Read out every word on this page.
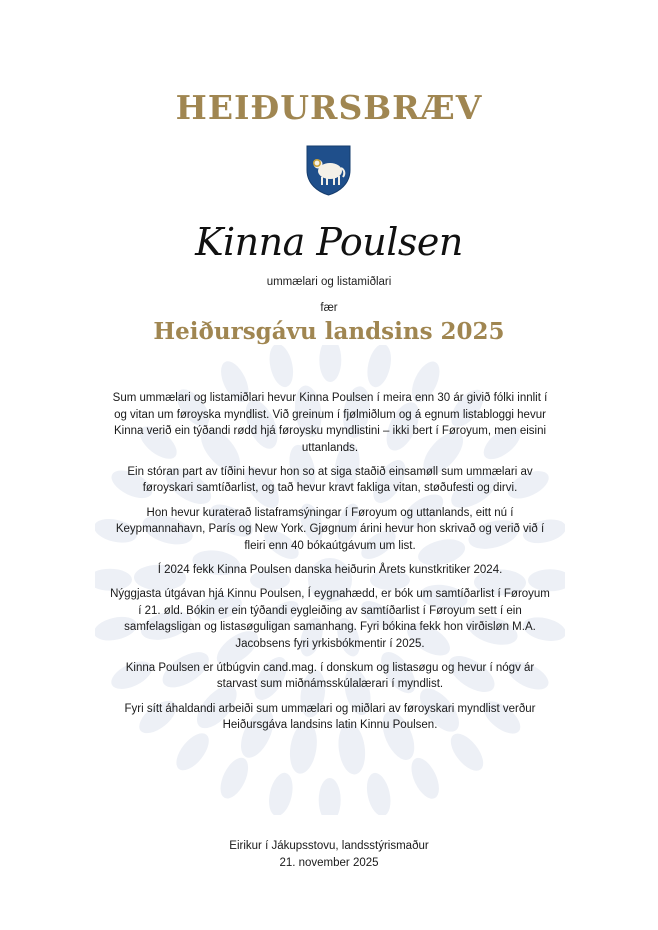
HEIÐURSBRÆV
Kinna Poulsen
ummælari og listamiðlari
fær
Heiðursgávu landsins 2025

Sum ummælari og listamiðlari hevur Kinna Poulsen í meira enn 30 ár givið fólki innlit í og vitan um føroyska myndlist. Við greinum í fjølmiðlum og á egnum listabloggi hevur Kinna verið ein týðandi rødd hjá føroysku myndlistini – ikki bert í Føroyum, men eisini uttanlands.

Ein stóran part av tíðini hevur hon so at siga staðið einsamøll sum ummælari av føroyskari samtíðarlist, og tað hevur kravt fakliga vitan, støðufesti og dirvi.

Hon hevur kuraterað listaframsýningar í Føroyum og uttanlands, eitt nú í Keypmannahavn, París og New York. Gjøgnum árini hevur hon skrivað og verið við í fleiri enn 40 bókaútgávum um list.

Í 2024 fekk Kinna Poulsen danska heiðurin Årets kunstkritiker 2024.

Nýggjasta útgávan hjá Kinnu Poulsen, Í eygnahædd, er bók um samtíðarlist í Føroyum í 21. øld. Bókin er ein týðandi eygleiðing av samtíðarlist í Føroyum sett í ein samfelagsligan og listasøguligan samanhang. Fyri bókina fekk hon virðisløn M.A. Jacobsens fyri yrkisbókmentir í 2025.

Kinna Poulsen er útbúgvin cand.mag. í donskum og listasøgu og hevur í nógv ár starvast sum miðnámsskúlalærari í myndlist.

Fyri sítt áhaldandi arbeiði sum ummælari og miðlari av føroyskari myndlist verður Heiðursgáva landsins latin Kinnu Poulsen.

Eirikur í Jákupsstovu, landsstýrismaður
21. november 2025
